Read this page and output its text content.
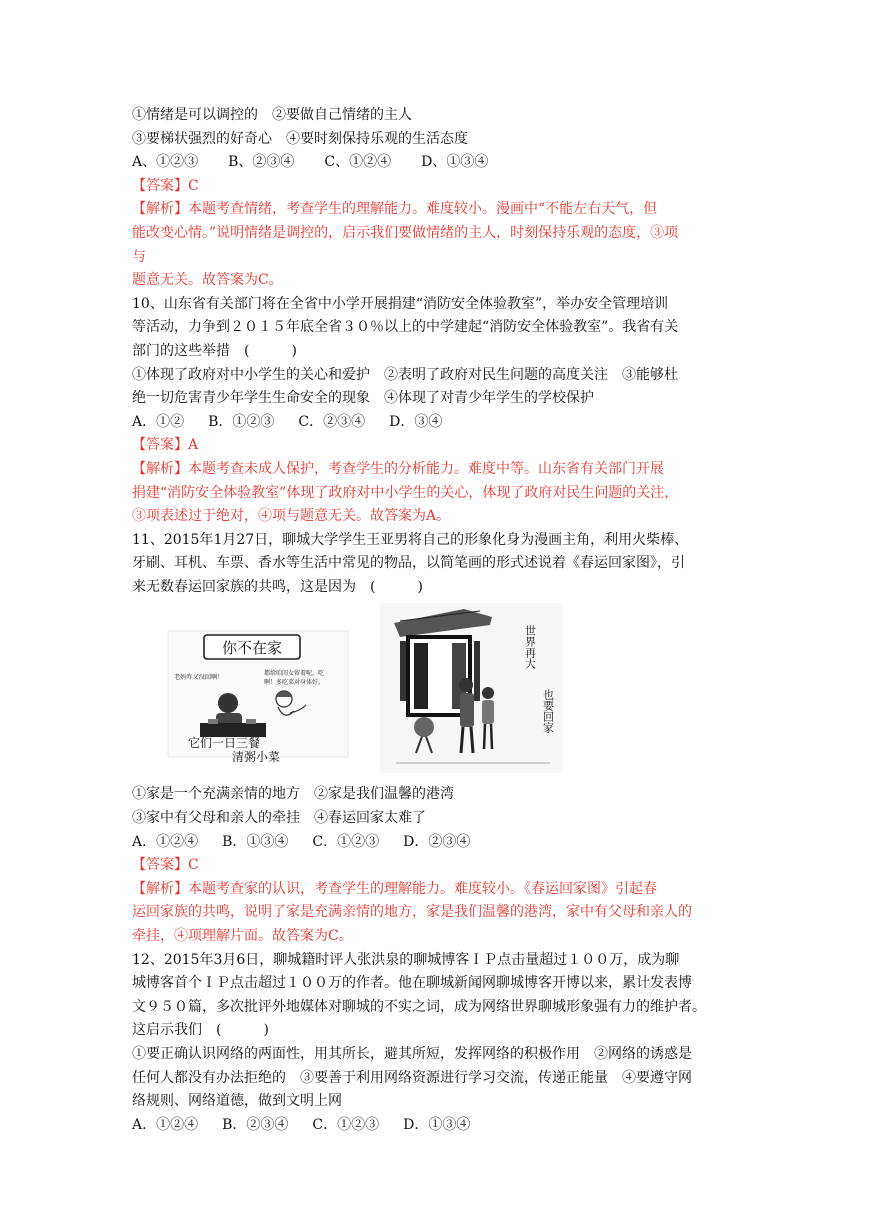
①情绪是可以调控的　②要做自己情绪的主人
③要梯状强烈的好奇心　④要时刻保持乐观的生活态度
A、①②③ B、②③④ C、①②④ D、①③④
【答案】C
【解析】本题考查情绪，考查学生的理解能力。难度较小。漫画中“不能左右天气，但
能改变心情。”说明情绪是调控的，启示我们要做情绪的主人，时刻保持乐观的态度，③项
与
题意无关。故答案为C。
10、山东省有关部门将在全省中小学开展捐建“消防安全体验教室”，举办安全管理培训
等活动，力争到２０１５年底全省３０％以上的中学建起“消防安全体验教室”。我省有关
部门的这些举措　(　　　)
①体现了政府对中小学生的关心和爱护　②表明了政府对民生问题的高度关注　③能够杜
绝一切危害青少年学生生命安全的现象　④体现了对青少年学生的学校保护
A．①② B．①②③ C．②③④ D．③④
【答案】A
【解析】本题考查未成人保护，考查学生的分析能力。难度中等。山东省有关部门开展
捐建“消防安全体验教室”体现了政府对中小学生的关心，体现了政府对民生问题的关注，
③项表述过于绝对，④项与题意无关。故答案为A。
11、2015年1月27日，聊城大学学生王亚男将自己的形象化身为漫画主角，利用火柴棒、
牙刷、耳机、车票、香水等生活中常见的物品，以简笔画的形式述说着《春运回家图》，引
来无数春运回家族的共鸣，这是因为　(　　　)
你不在家
老妈咋又没回啊！
都给咱闺女留着呢，吃
啊！多吃菜对身体好。
它们一日三餐
清粥小菜
世界再大
也要回家
①家是一个充满亲情的地方　②家是我们温馨的港湾
③家中有父母和亲人的牵挂　④春运回家太难了
A．①②④ B．①③④ C．①②③ D．②③④
【答案】C
【解析】本题考查家的认识，考查学生的理解能力。难度较小。《春运回家图》引起春
运回家族的共鸣，说明了家是充满亲情的地方，家是我们温馨的港湾，家中有父母和亲人的
牵挂，④项理解片面。故答案为C。
12、2015年3月6日，聊城籍时评人张洪泉的聊城博客ＩＰ点击量超过１００万，成为聊
城博客首个ＩＰ点击超过１００万的作者。他在聊城新闻网聊城博客开博以来，累计发表博
文９５０篇，多次批评外地媒体对聊城的不实之词，成为网络世界聊城形象强有力的维护者。
这启示我们　(　　　)
①要正确认识网络的两面性，用其所长，避其所短，发挥网络的积极作用　②网络的诱惑是
任何人都没有办法拒绝的　③要善于利用网络资源进行学习交流，传递正能量　④要遵守网
络规则、网络道德，做到文明上网
A．①②④ B．②③④ C．①②③ D．①③④
